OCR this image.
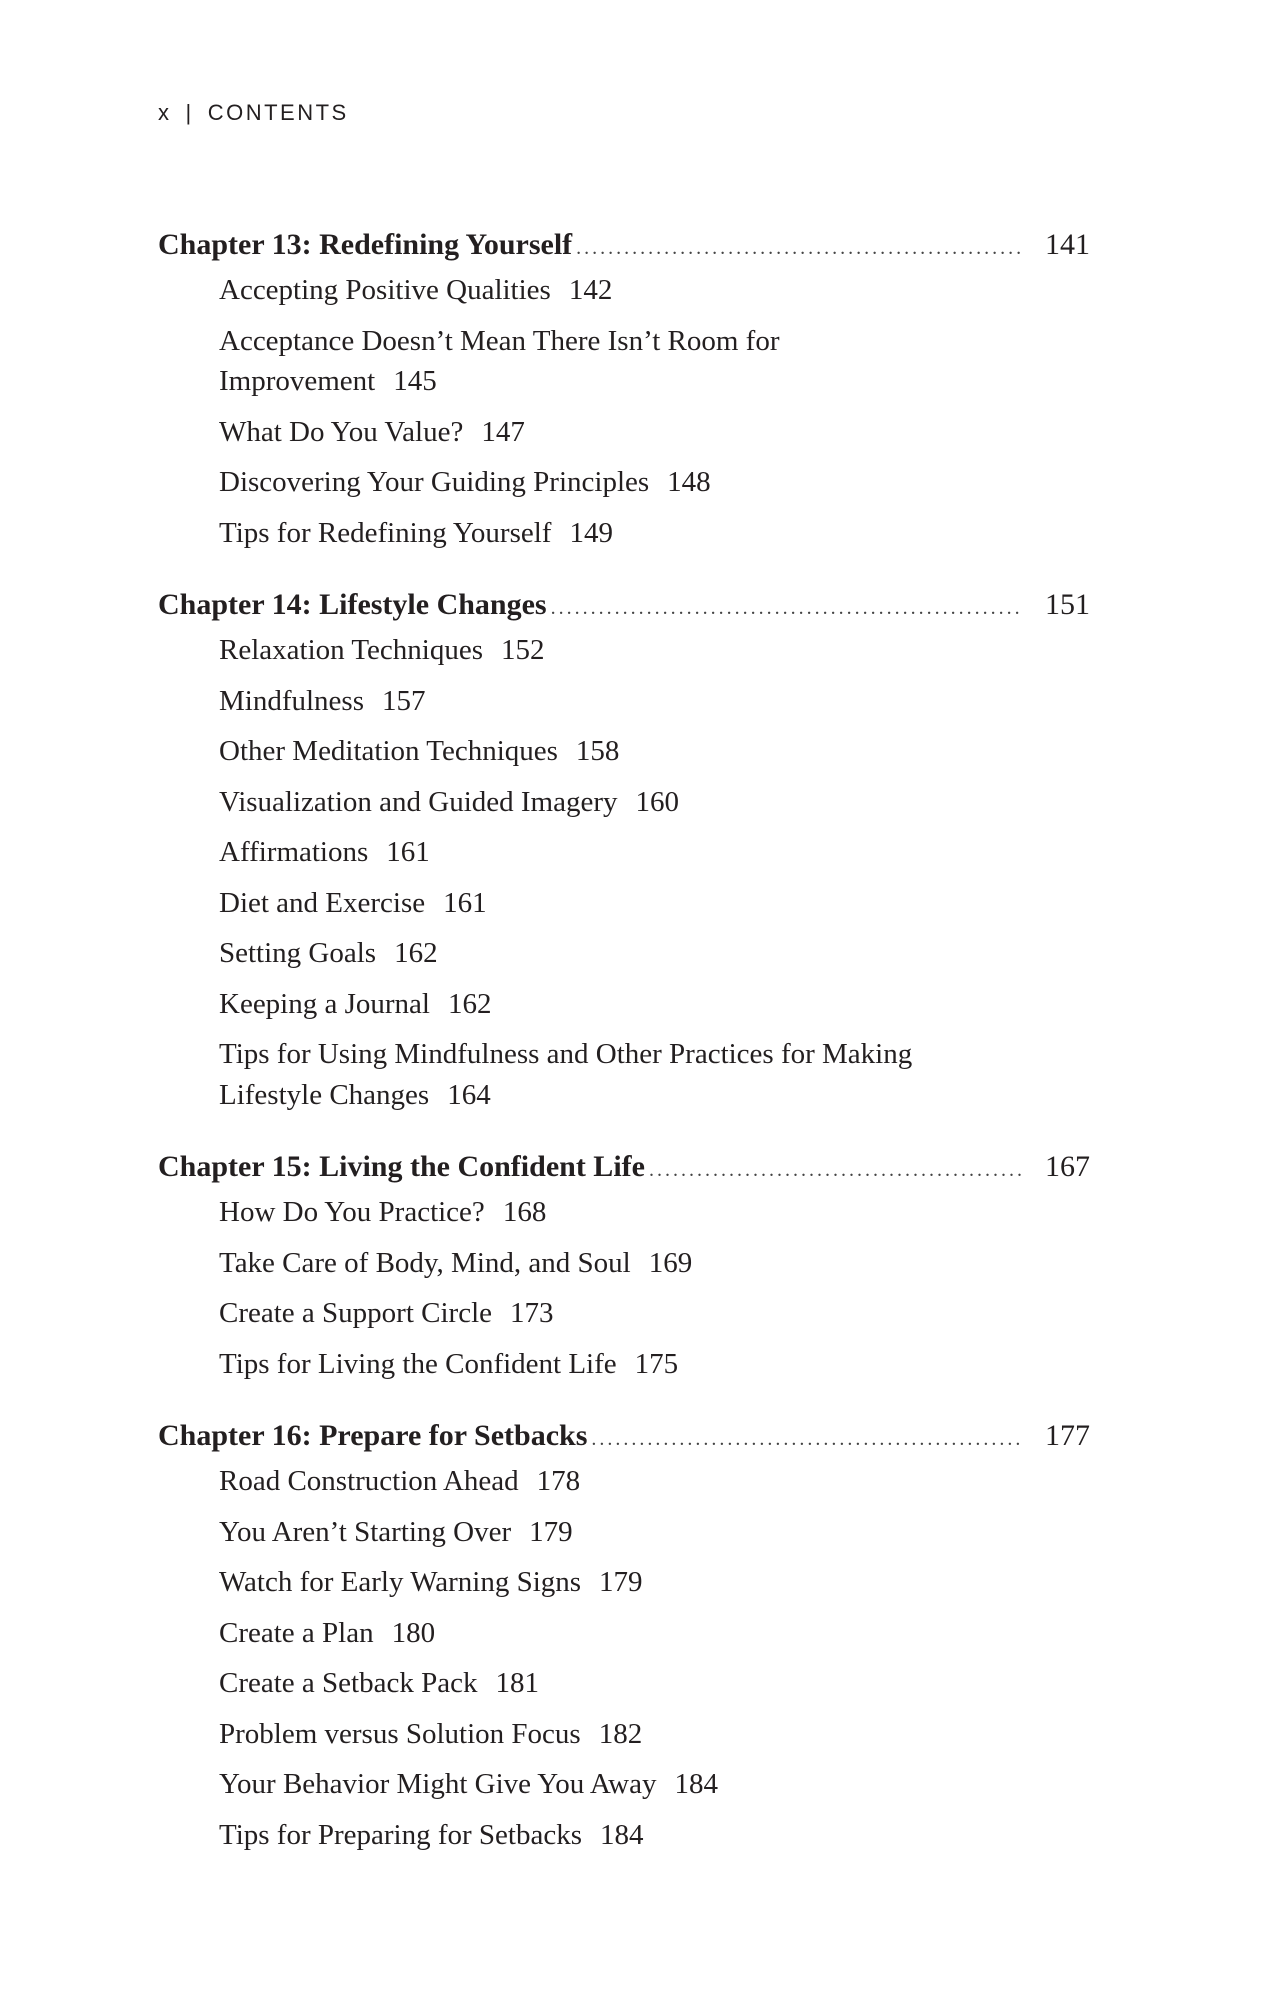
x | CONTENTS
Chapter 13: Redefining Yourself . . .	141
Accepting Positive Qualities 142
Acceptance Doesn’t Mean There Isn’t Room for Improvement 145
What Do You Value? 147
Discovering Your Guiding Principles 148
Tips for Redefining Yourself 149
Chapter 14: Lifestyle Changes . . .	151
Relaxation Techniques 152
Mindfulness 157
Other Meditation Techniques 158
Visualization and Guided Imagery 160
Affirmations 161
Diet and Exercise 161
Setting Goals 162
Keeping a Journal 162
Tips for Using Mindfulness and Other Practices for Making Lifestyle Changes 164
Chapter 15: Living the Confident Life . . .	167
How Do You Practice? 168
Take Care of Body, Mind, and Soul 169
Create a Support Circle 173
Tips for Living the Confident Life 175
Chapter 16: Prepare for Setbacks . . .	177
Road Construction Ahead 178
You Aren’t Starting Over 179
Watch for Early Warning Signs 179
Create a Plan 180
Create a Setback Pack 181
Problem versus Solution Focus 182
Your Behavior Might Give You Away 184
Tips for Preparing for Setbacks 184
